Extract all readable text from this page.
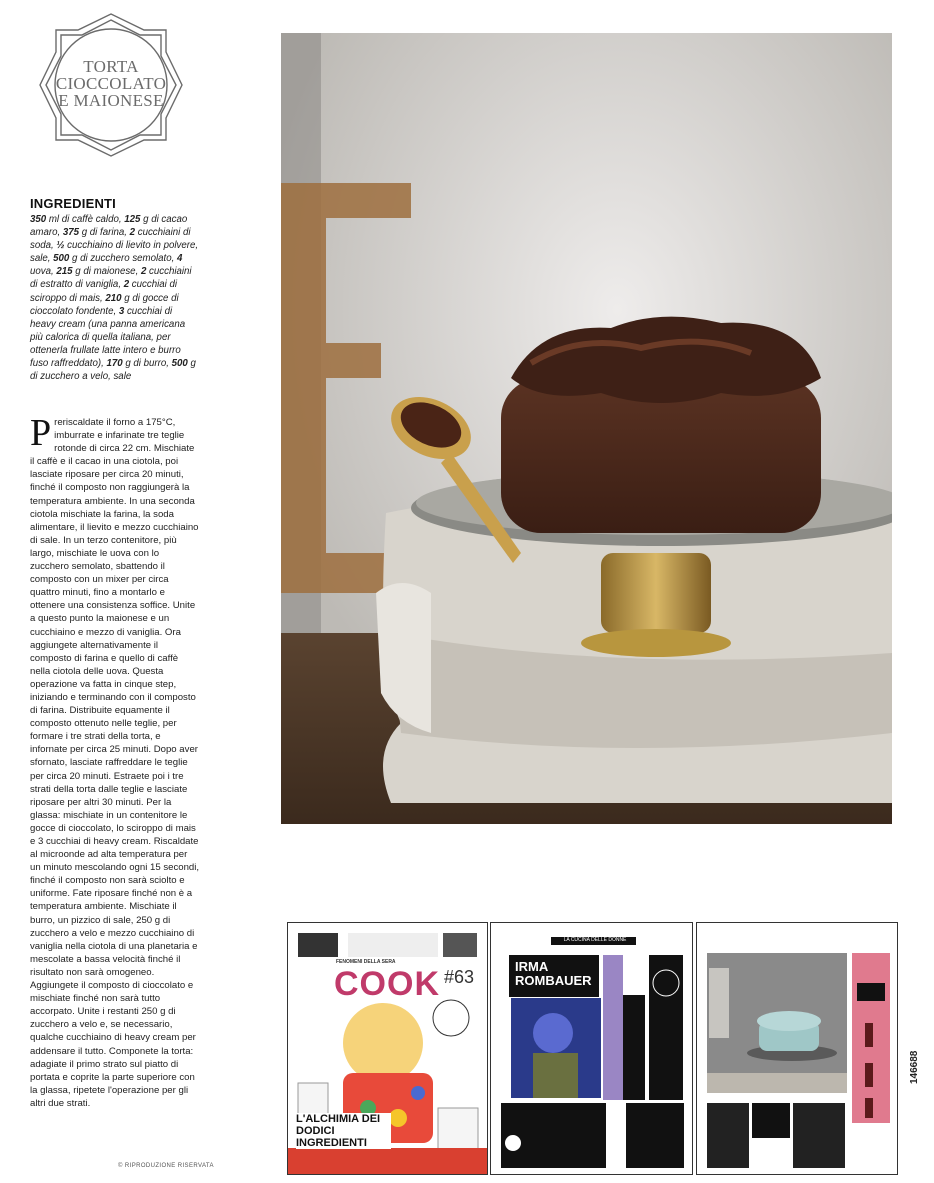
TORTA
CIOCCOLATO
E MAIONESE
INGREDIENTI
350 ml di caffè caldo, 125 g di cacao amaro, 375 g di farina, 2 cucchiaini di soda, ½ cucchiaino di lievito in polvere, sale, 500 g di zucchero semolato, 4 uova, 215 g di maionese, 2 cucchiaini di estratto di vaniglia, 2 cucchiai di sciroppo di mais, 210 g di gocce di cioccolato fondente, 3 cucchiai di heavy cream (una panna americana più calorica di quella italiana, per ottenerla frullate latte intero e burro fuso raffreddato), 170 g di burro, 500 g di zucchero a velo, sale
Preriscaldate il forno a 175°C, imburrate e infarinate tre teglie rotonde di circa 22 cm. Mischiate il caffè e il cacao in una ciotola, poi lasciate riposare per circa 20 minuti, finché il composto non raggiungerà la temperatura ambiente. In una seconda ciotola mischiate la farina, la soda alimentare, il lievito e mezzo cucchiaino di sale. In un terzo contenitore, più largo, mischiate le uova con lo zucchero semolato, sbattendo il composto con un mixer per circa quattro minuti, fino a montarlo e ottenere una consistenza soffice. Unite a questo punto la maionese e un cucchiaino e mezzo di vaniglia. Ora aggiungete alternativamente il composto di farina e quello di caffè nella ciotola delle uova. Questa operazione va fatta in cinque step, iniziando e terminando con il composto di farina. Distribuite equamente il composto ottenuto nelle teglie, per formare i tre strati della torta, e infornate per circa 25 minuti. Dopo aver sfornato, lasciate raffreddare le teglie per circa 20 minuti. Estraete poi i tre strati della torta dalle teglie e lasciate riposare per altri 30 minuti. Per la glassa: mischiate in un contenitore le gocce di cioccolato, lo sciroppo di mais e 3 cucchiai di heavy cream. Riscaldate al microonde ad alta temperatura per un minuto mescolando ogni 15 secondi, finché il composto non sarà sciolto e uniforme. Fate riposare finché non è a temperatura ambiente. Mischiate il burro, un pizzico di sale, 250 g di zucchero a velo e mezzo cucchiaino di vaniglia nella ciotola di una planetaria e mescolate a bassa velocità finché il risultato non sarà omogeneo. Aggiungete il composto di cioccolato e mischiate finché non sarà tutto accorpato. Unite i restanti 250 g di zucchero a velo e, se necessario, qualche cucchiaino di heavy cream per addensare il tutto. Componete la torta: adagiate il primo strato sul piatto di portata e coprite la parte superiore con la glassa, ripetete l'operazione per gli altri due strati.
© RIPRODUZIONE RISERVATA
FENOMENI DELLA SERA
COOK #63
L'ALCHIMIA DEI DODICI INGREDIENTI
LA CUCINA DELLE DONNE
IRMA
ROMBAUER
146688
